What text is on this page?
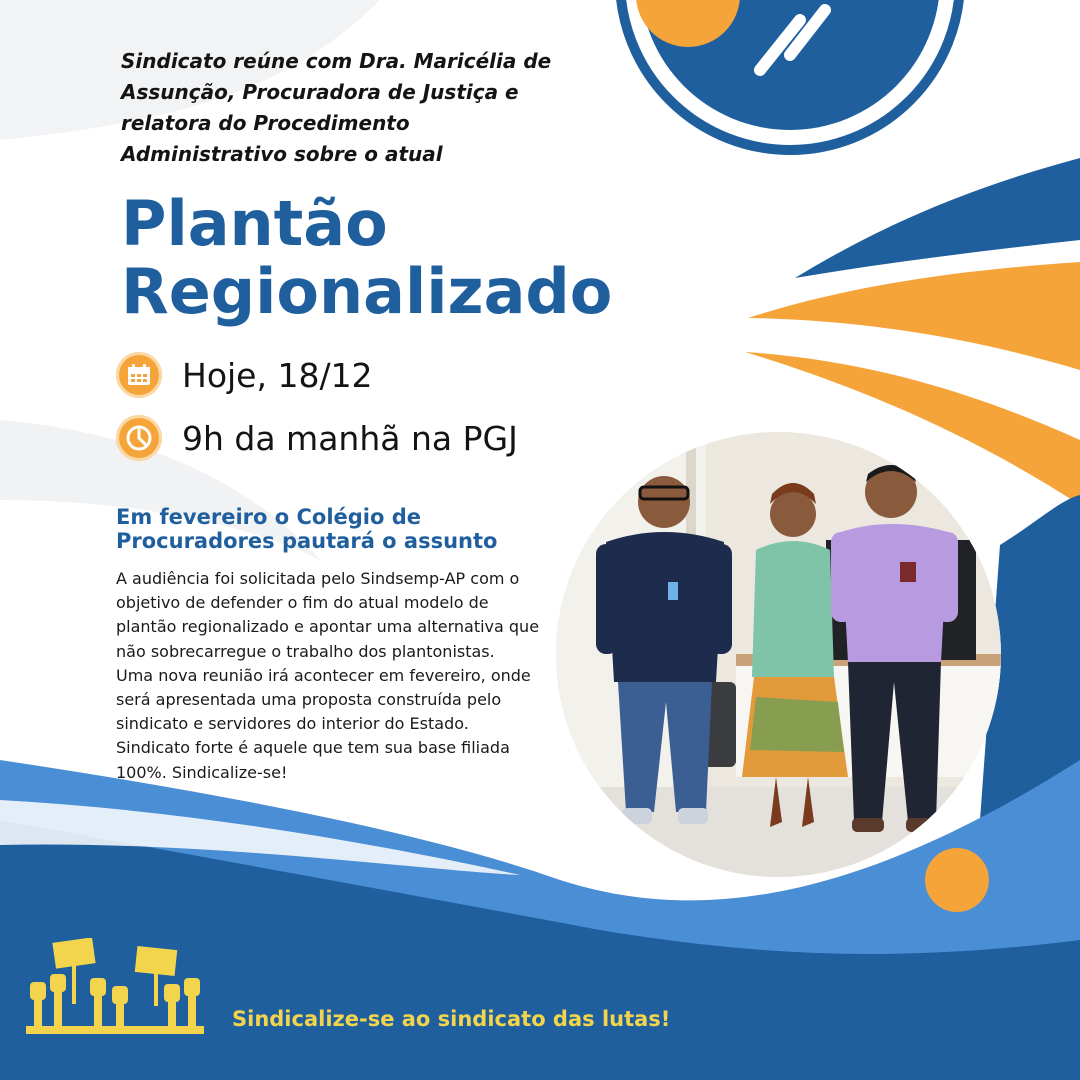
Sindicato reúne com Dra. Maricélia de Assunção, Procuradora de Justiça e relatora do Procedimento Administrativo sobre o atual
Plantão
Regionalizado
Hoje, 18/12
9h da manhã na PGJ
Em fevereiro o Colégio de
Procuradores pautará o assunto

A audiência foi solicitada pelo Sindsemp-AP com o objetivo de defender o fim do atual modelo de plantão regionalizado e apontar uma alternativa que não sobrecarregue o trabalho dos plantonistas.

Uma nova reunião irá acontecer em fevereiro, onde será apresentada uma proposta construída pelo sindicato e servidores do interior do Estado.

Sindicato forte é aquele que tem sua base filiada 100%. Sindicalize-se!

Sindicalize-se ao sindicato das lutas!
